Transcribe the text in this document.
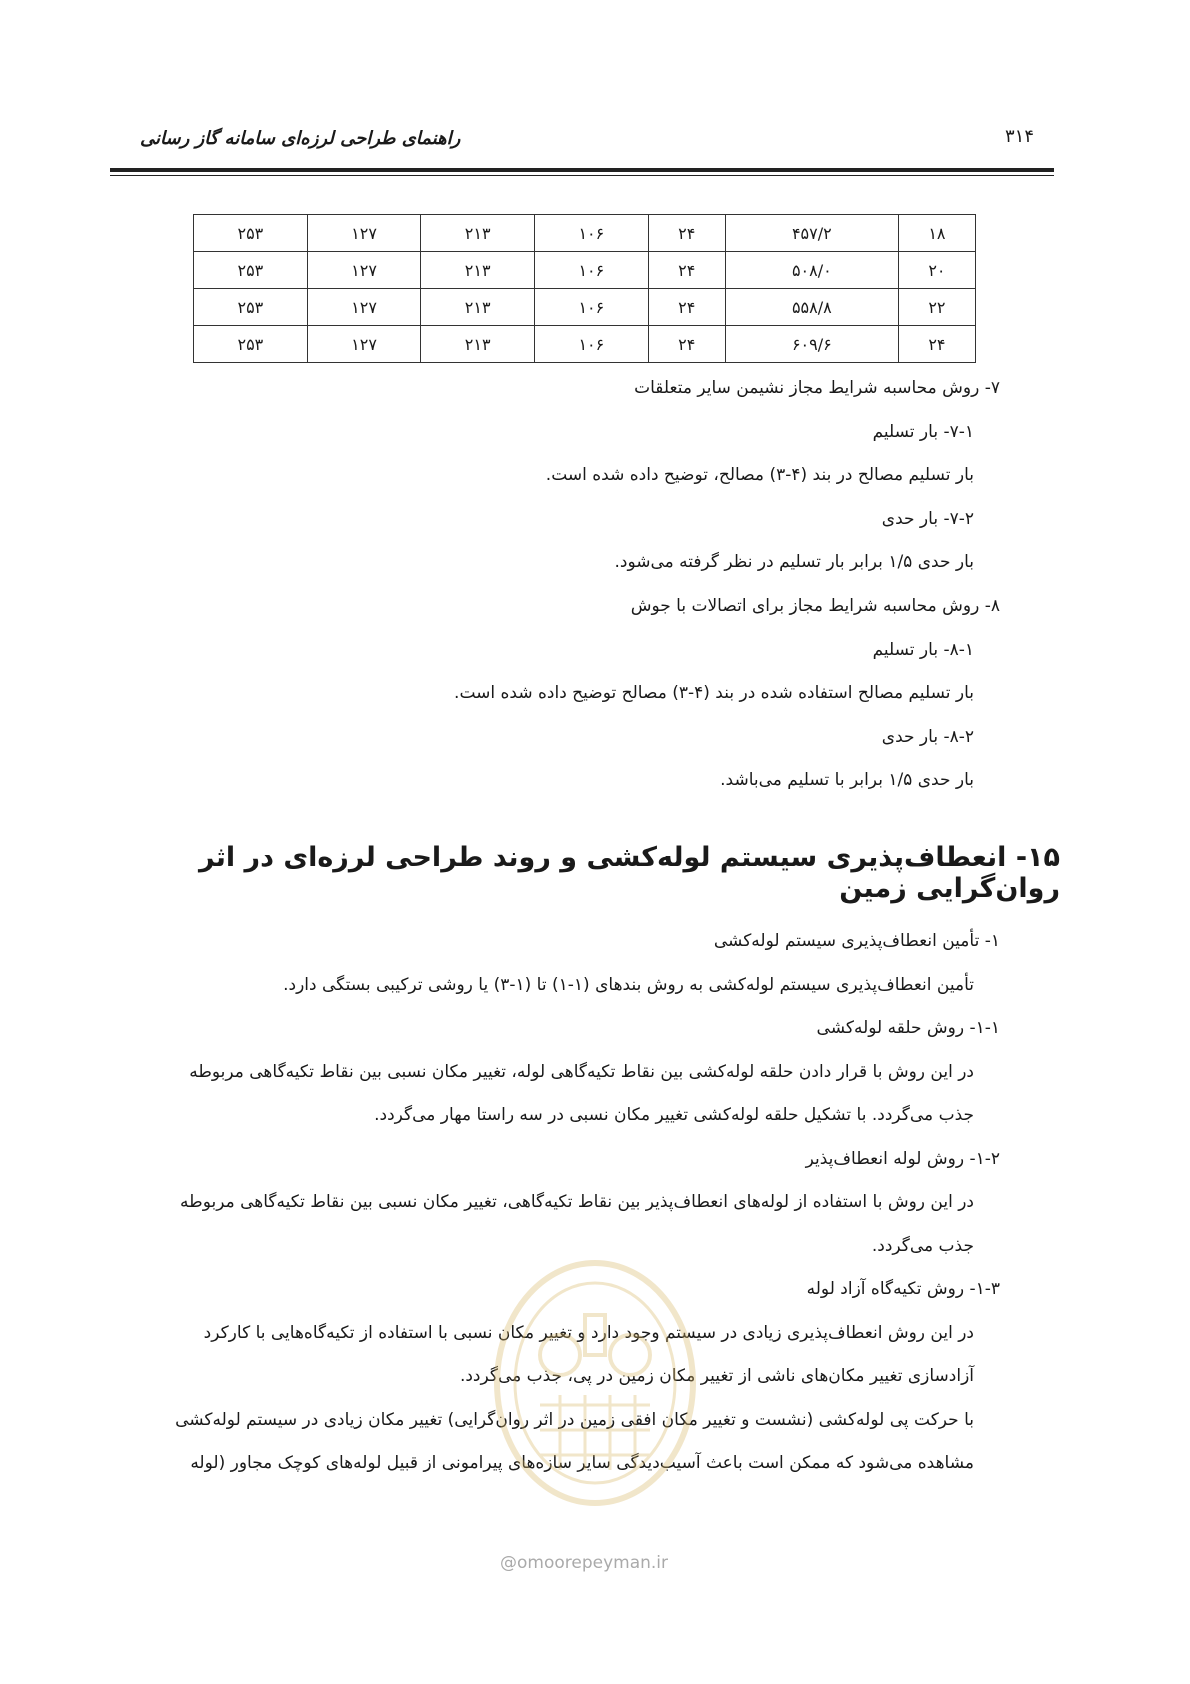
۳۱۴
راهنمای طراحی لرزه‌ای سامانه گاز رسانی
۱۸	۴۵۷/۲	۲۴	۱۰۶	۲۱۳	۱۲۷	۲۵۳
۲۰	۵۰۸/۰	۲۴	۱۰۶	۲۱۳	۱۲۷	۲۵۳
۲۲	۵۵۸/۸	۲۴	۱۰۶	۲۱۳	۱۲۷	۲۵۳
۲۴	۶۰۹/۶	۲۴	۱۰۶	۲۱۳	۱۲۷	۲۵۳
۷- روش محاسبه شرایط مجاز نشیمن سایر متعلقات
۷-۱- بار تسلیم
بار تسلیم مصالح در بند (۴-۳) مصالح، توضیح داده شده است.
۷-۲- بار حدی
بار حدی ۱/۵ برابر بار تسلیم در نظر گرفته می‌شود.
۸- روش محاسبه شرایط مجاز برای اتصالات با جوش
۸-۱- بار تسلیم
بار تسلیم مصالح استفاده شده در بند (۴-۳) مصالح توضیح داده شده است.
۸-۲- بار حدی
بار حدی ۱/۵ برابر با تسلیم می‌باشد.
۱۵- انعطاف‌پذیری سیستم لوله‌کشی و روند طراحی لرزه‌ای در اثر روان‌گرایی زمین
۱- تأمین انعطاف‌پذیری سیستم لوله‌کشی
تأمین انعطاف‌پذیری سیستم لوله‌کشی به روش بندهای (۱-۱) تا (۱-۳) یا روشی ترکیبی بستگی دارد.
۱-۱- روش حلقه لوله‌کشی
در این روش با قرار دادن حلقه لوله‌کشی بین نقاط تکیه‌گاهی لوله، تغییر مکان نسبی بین نقاط تکیه‌گاهی مربوطه
جذب می‌گردد. با تشکیل حلقه لوله‌کشی تغییر مکان نسبی در سه راستا مهار می‌گردد.
۱-۲- روش لوله انعطاف‌پذیر
در این روش با استفاده از لوله‌های انعطاف‌پذیر بین نقاط تکیه‌گاهی، تغییر مکان نسبی بین نقاط تکیه‌گاهی مربوطه
جذب می‌گردد.
۱-۳- روش تکیه‌گاه آزاد لوله
در این روش انعطاف‌پذیری زیادی در سیستم وجود دارد و تغییر مکان نسبی با استفاده از تکیه‌گاه‌هایی با کارکرد
آزادسازی تغییر مکان‌های ناشی از تغییر مکان زمین در پی، جذب می‌گردد.
با حرکت پی لوله‌کشی (نشست و تغییر مکان افقی زمین در اثر روان‌گرایی) تغییر مکان زیادی در سیستم لوله‌کشی
مشاهده می‌شود که ممکن است باعث آسیب‌دیدگی سایر سازه‌های پیرامونی از قبیل لوله‌های کوچک مجاور (لوله
@omoorepeyman.ir
